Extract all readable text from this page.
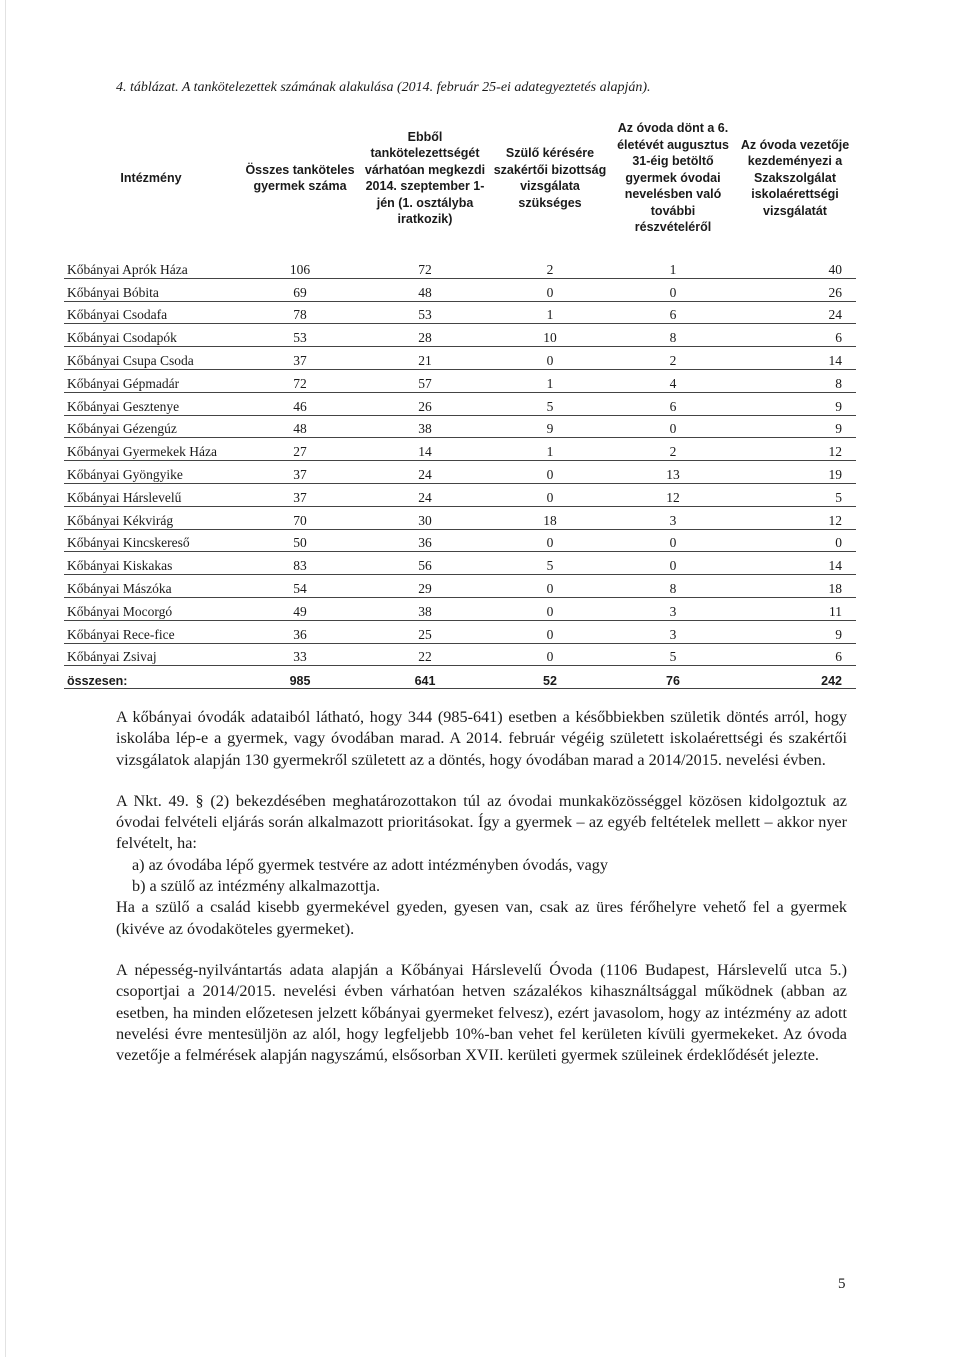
4. táblázat. A tankötelezettek számának alakulása (2014. február 25-ei adategyeztetés alapján).
Intézmény	Összes tanköteles gyermek száma	Ebből tankötelezettségét várhatóan megkezdi 2014. szeptember 1-jén (1. osztályba iratkozik)	Szülő kérésére szakértői bizottság vizsgálata szükséges	Az óvoda dönt a 6. életévét augusztus 31-éig betöltő gyermek óvodai nevelésben való további részvételéről	Az óvoda vezetője kezdeményezi a Szakszolgálat iskolaérettségi vizsgálatát
Kőbányai Aprók Háza	106	72	2	1	40
Kőbányai Bóbita	69	48	0	0	26
Kőbányai Csodafa	78	53	1	6	24
Kőbányai Csodapók	53	28	10	8	6
Kőbányai Csupa Csoda	37	21	0	2	14
Kőbányai Gépmadár	72	57	1	4	8
Kőbányai Gesztenye	46	26	5	6	9
Kőbányai Gézengúz	48	38	9	0	9
Kőbányai Gyermekek Háza	27	14	1	2	12
Kőbányai Gyöngyike	37	24	0	13	19
Kőbányai Hárslevelű	37	24	0	12	5
Kőbányai Kékvirág	70	30	18	3	12
Kőbányai Kincskereső	50	36	0	0	0
Kőbányai Kiskakas	83	56	5	0	14
Kőbányai Mászóka	54	29	0	8	18
Kőbányai Mocorgó	49	38	0	3	11
Kőbányai Rece-fice	36	25	0	3	9
Kőbányai Zsivaj	33	22	0	5	6
összesen:	985	641	52	76	242

A kőbányai óvodák adataiból látható, hogy 344 (985-641) esetben a későbbiekben születik döntés arról, hogy iskolába lép-e a gyermek, vagy óvodában marad. A 2014. február végéig született iskolaérettségi és szakértői vizsgálatok alapján 130 gyermekről született az a döntés, hogy óvodában marad a 2014/2015. nevelési évben.

A Nkt. 49. § (2) bekezdésében meghatározottakon túl az óvodai munkaközösséggel közösen kidolgoztuk az óvodai felvételi eljárás során alkalmazott prioritásokat. Így a gyermek – az egyéb feltételek mellett – akkor nyer felvételt, ha:

a) az óvodába lépő gyermek testvére az adott intézményben óvodás, vagy

b) a szülő az intézmény alkalmazottja.

Ha a szülő a család kisebb gyermekével gyeden, gyesen van, csak az üres férőhelyre vehető fel a gyermek (kivéve az óvodaköteles gyermeket).

A népesség-nyilvántartás adata alapján a Kőbányai Hárslevelű Óvoda (1106 Budapest, Hárslevelű utca 5.) csoportjai a 2014/2015. nevelési évben várhatóan hetven százalékos kihasználtsággal működnek (abban az esetben, ha minden előzetesen jelzett kőbányai gyermeket felvesz), ezért javasolom, hogy az intézmény az adott nevelési évre mentesüljön az alól, hogy legfeljebb 10%-ban vehet fel kerületen kívüli gyermekeket. Az óvoda vezetője a felmérések alapján nagyszámú, elsősorban XVII. kerületi gyermek szüleinek érdeklődését jelezte.

5
